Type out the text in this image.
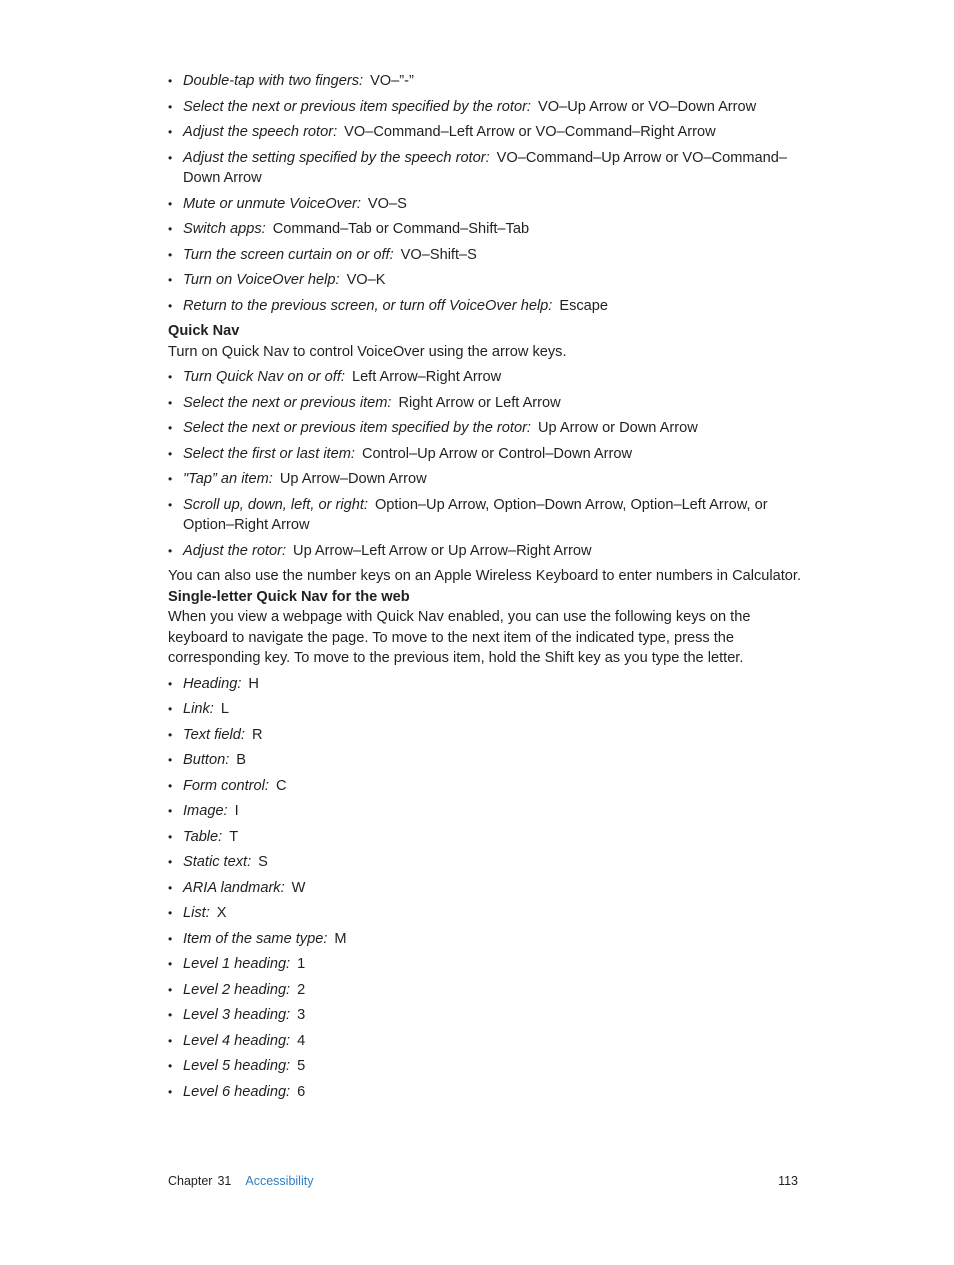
• Double-tap with two fingers: VO–”-”
• Select the next or previous item specified by the rotor: VO–Up Arrow or VO–Down Arrow
• Adjust the speech rotor: VO–Command–Left Arrow or VO–Command–Right Arrow
• Adjust the setting specified by the speech rotor: VO–Command–Up Arrow or VO–Command–Down Arrow
• Mute or unmute VoiceOver: VO–S
• Switch apps: Command–Tab or Command–Shift–Tab
• Turn the screen curtain on or off: VO–Shift–S
• Turn on VoiceOver help: VO–K
• Return to the previous screen, or turn off VoiceOver help: Escape
Quick Nav

Turn on Quick Nav to control VoiceOver using the arrow keys.

• Turn Quick Nav on or off: Left Arrow–Right Arrow
• Select the next or previous item: Right Arrow or Left Arrow
• Select the next or previous item specified by the rotor: Up Arrow or Down Arrow
• Select the first or last item: Control–Up Arrow or Control–Down Arrow
• "Tap” an item: Up Arrow–Down Arrow
• Scroll up, down, left, or right: Option–Up Arrow, Option–Down Arrow, Option–Left Arrow, or Option–Right Arrow
• Adjust the rotor: Up Arrow–Left Arrow or Up Arrow–Right Arrow

You can also use the number keys on an Apple Wireless Keyboard to enter numbers in Calculator.

Single-letter Quick Nav for the web

When you view a webpage with Quick Nav enabled, you can use the following keys on the keyboard to navigate the page. To move to the next item of the indicated type, press the corresponding key. To move to the previous item, hold the Shift key as you type the letter.

• Heading: H
• Link: L
• Text field: R
• Button: B
• Form control: C
• Image: I
• Table: T
• Static text: S
• ARIA landmark: W
• List: X
• Item of the same type: M
• Level 1 heading: 1
• Level 2 heading: 2
• Level 3 heading: 3
• Level 4 heading: 4
• Level 5 heading: 5
• Level 6 heading: 6
Chapter 31 Accessibility	113
